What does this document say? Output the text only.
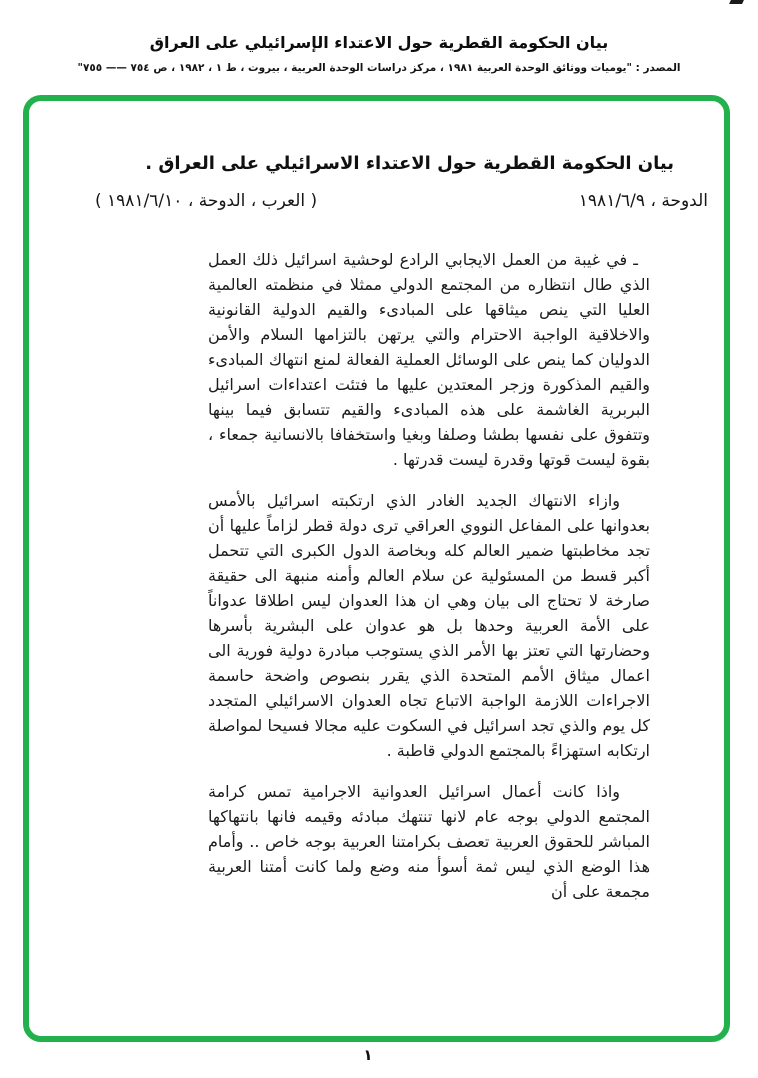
بيان الحكومة القطرية حول الاعتداء الإسرائيلي على العراق
المصدر : "يوميات ووثائق الوحدة العربية ١٩٨١ ، مركز دراسات الوحدة العربية ، بيروت ، ط ١ ، ١٩٨٢ ، ص ٧٥٤ —— ٧٥٥"
بيان الحكومة القطرية حول الاعتداء الاسرائيلي على العراق .
الدوحة ، ١٩٨١/٦/٩
( العرب ، الدوحة ، ١٩٨١/٦/١٠ )

ـ في غيبة من العمل الايجابي الرادع لوحشية اسرائيل ذلك العمل الذي طال انتظاره من المجتمع الدولي ممثلا في منظمته العالمية العليا التي ينص ميثاقها على المبادىء والقيم الدولية القانونية والاخلاقية الواجبة الاحترام والتي يرتهن بالتزامها السلام والأمن الدوليان كما ينص على الوسائل العملية الفعالة لمنع انتهاك المبادىء والقيم المذكورة وزجر المعتدين عليها ما فتئت اعتداءات اسرائيل البربرية الغاشمة على هذه المبادىء والقيم تتسابق فيما بينها وتتفوق على نفسها بطشا وصلفا وبغيا واستخفافا بالانسانية جمعاء ، بقوة ليست قوتها وقدرة ليست قدرتها .

وازاء الانتهاك الجديد الغادر الذي ارتكبته اسرائيل بالأمس بعدوانها على المفاعل النووي العراقي ترى دولة قطر لزاماً عليها أن تجد مخاطبتها ضمير العالم كله وبخاصة الدول الكبرى التي تتحمل أكبر قسط من المسئولية عن سلام العالم وأمنه منبهة الى حقيقة صارخة لا تحتاج الى بيان وهي ان هذا العدوان ليس اطلاقا عدواناً على الأمة العربية وحدها بل هو عدوان على البشرية بأسرها وحضارتها التي تعتز بها الأمر الذي يستوجب مبادرة دولية فورية الى اعمال ميثاق الأمم المتحدة الذي يقرر بنصوص واضحة حاسمة الاجراءات اللازمة الواجبة الاتباع تجاه العدوان الاسرائيلي المتجدد كل يوم والذي تجد اسرائيل في السكوت عليه مجالا فسيحا لمواصلة ارتكابه استهزاءً بالمجتمع الدولي قاطبة .

واذا كانت أعمال اسرائيل العدوانية الاجرامية تمس كرامة المجتمع الدولي بوجه عام لانها تنتهك مبادئه وقيمه فانها بانتهاكها المباشر للحقوق العربية تعصف بكرامتنا العربية بوجه خاص .. وأمام هذا الوضع الذي ليس ثمة أسوأ منه وضع ولما كانت أمتنا العربية مجمعة على أن

١
